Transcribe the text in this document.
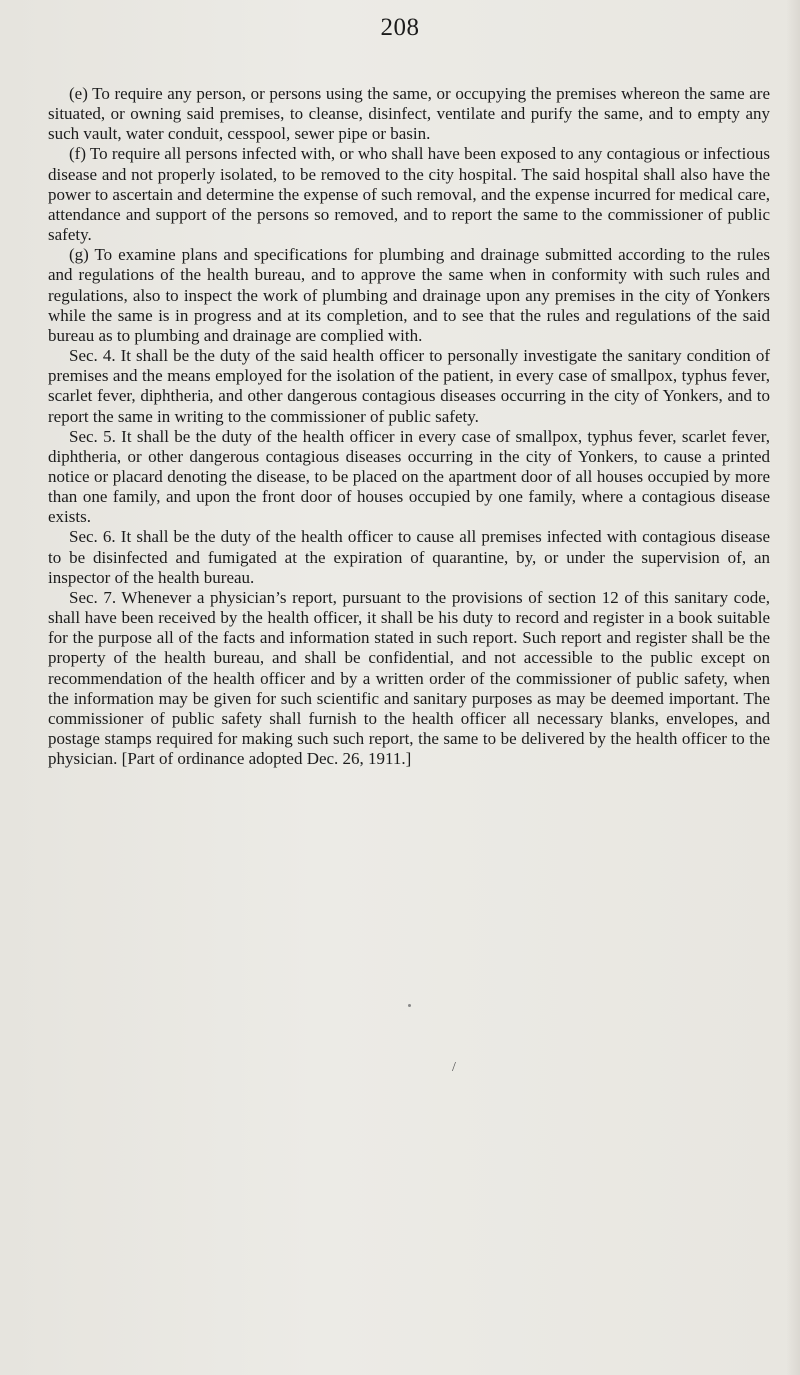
208

(e) To require any person, or persons using the same, or occupying the premises whereon the same are situated, or owning said premises, to cleanse, disinfect, ventilate and purify the same, and to empty any such vault, water conduit, cesspool, sewer pipe or basin.

(f) To require all persons infected with, or who shall have been exposed to any contagious or infectious disease and not properly isolated, to be removed to the city hospital. The said hospital shall also have the power to ascertain and determine the expense of such removal, and the expense incurred for medical care, attendance and support of the persons so removed, and to report the same to the commissioner of public safety.

(g) To examine plans and specifications for plumbing and drainage submitted according to the rules and regulations of the health bureau, and to approve the same when in conformity with such rules and regulations, also to inspect the work of plumbing and drainage upon any premises in the city of Yonkers while the same is in progress and at its completion, and to see that the rules and regulations of the said bureau as to plumbing and drainage are complied with.

Sec. 4. It shall be the duty of the said health officer to personally investigate the sanitary condition of premises and the means employed for the isolation of the patient, in every case of smallpox, typhus fever, scarlet fever, diphtheria, and other dangerous contagious diseases occurring in the city of Yonkers, and to report the same in writing to the commissioner of public safety.

Sec. 5. It shall be the duty of the health officer in every case of smallpox, typhus fever, scarlet fever, diphtheria, or other dangerous contagious diseases occurring in the city of Yonkers, to cause a printed notice or placard denoting the disease, to be placed on the apartment door of all houses occupied by more than one family, and upon the front door of houses occupied by one family, where a contagious disease exists.

Sec. 6. It shall be the duty of the health officer to cause all premises infected with contagious disease to be disinfected and fumigated at the expiration of quarantine, by, or under the supervision of, an inspector of the health bureau.

Sec. 7. Whenever a physician’s report, pursuant to the provisions of section 12 of this sanitary code, shall have been received by the health officer, it shall be his duty to record and register in a book suitable for the purpose all of the facts and information stated in such report. Such report and register shall be the property of the health bureau, and shall be confidential, and not accessible to the public except on recommendation of the health officer and by a written order of the commissioner of public safety, when the information may be given for such scientific and sanitary purposes as may be deemed important. The commissioner of public safety shall furnish to the health officer all necessary blanks, envelopes, and postage stamps required for making such such report, the same to be delivered by the health officer to the physician. [Part of ordinance adopted Dec. 26, 1911.]

/
